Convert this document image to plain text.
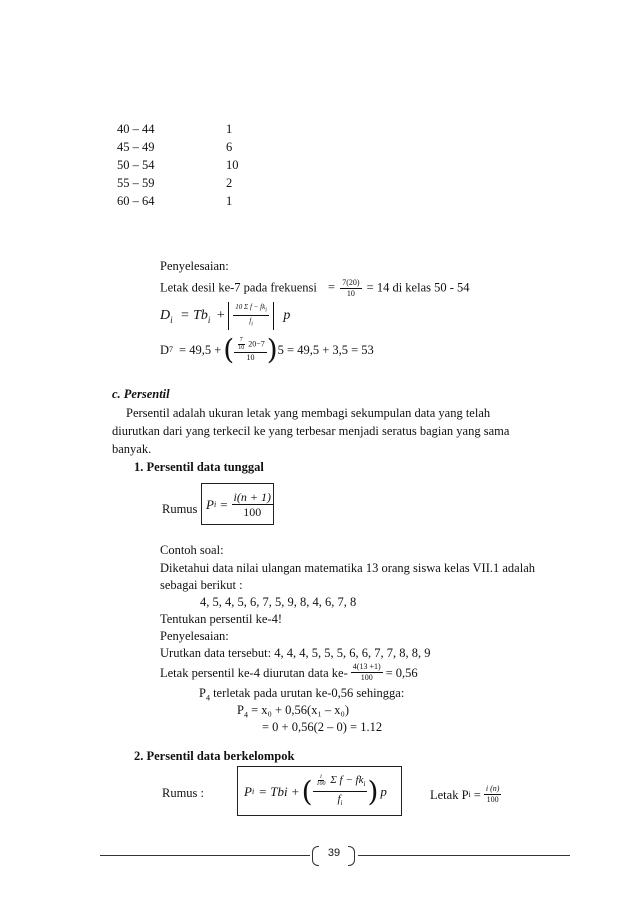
40 – 44	1
45 – 49	6
50 – 54	10
55 – 59	2
60 – 64	1
Penyelesaian:
Letak desil ke-7 pada frekuensi = $\frac{7(20)}{10} = 14$ di kelas 50 - 54
$D_i = Tb_i + \frac{10 \Sigma f - fk_i}{f_i}$ p
D 7 = 49,5 + ( $\frac{\frac{7}{10} 20-7}{10}$ ) 5 = 49,5 + 3,5 = 53
c. Persentil
Persentil adalah ukuran letak yang membagi sekumpulan data yang telah
diurutkan dari yang terkecil ke yang terbesar menjadi seratus bagian yang sama
banyak.
1. Persentil data tunggal
Rumus P $i = \frac{i(n + 1)}{100}$
Contoh soal:
Diketahui data nilai ulangan matematika 13 orang siswa kelas VII.1 adalah
sebagai berikut :
4, 5, 4, 5, 6, 7, 5, 9, 8, 4, 6, 7, 8
Tentukan persentil ke-4!
Penyelesaian:
Urutkan data tersebut: 4, 4, 4, 5, 5, 5, 6, 6, 7, 7, 8, 8, 9
Letak persentil ke-4 diurutan data $ke- \frac{4(13 +1)}{100} = 0,56$
$P_4$ terletak pada urutan ke-0,56 sehingga:
$P_4 = x_0 + 0,56(x_1 - x_0)$
= 0 + 0,56(2 – 0) = 1.12
2. Persentil data berkelompok
Rumus :	P i = Tbi + ( $\frac{\frac{i}{100} \Sigma f - fk_i}{f_i}$ ) p	Letak P $i = \frac{i (n)}{100}$
39
